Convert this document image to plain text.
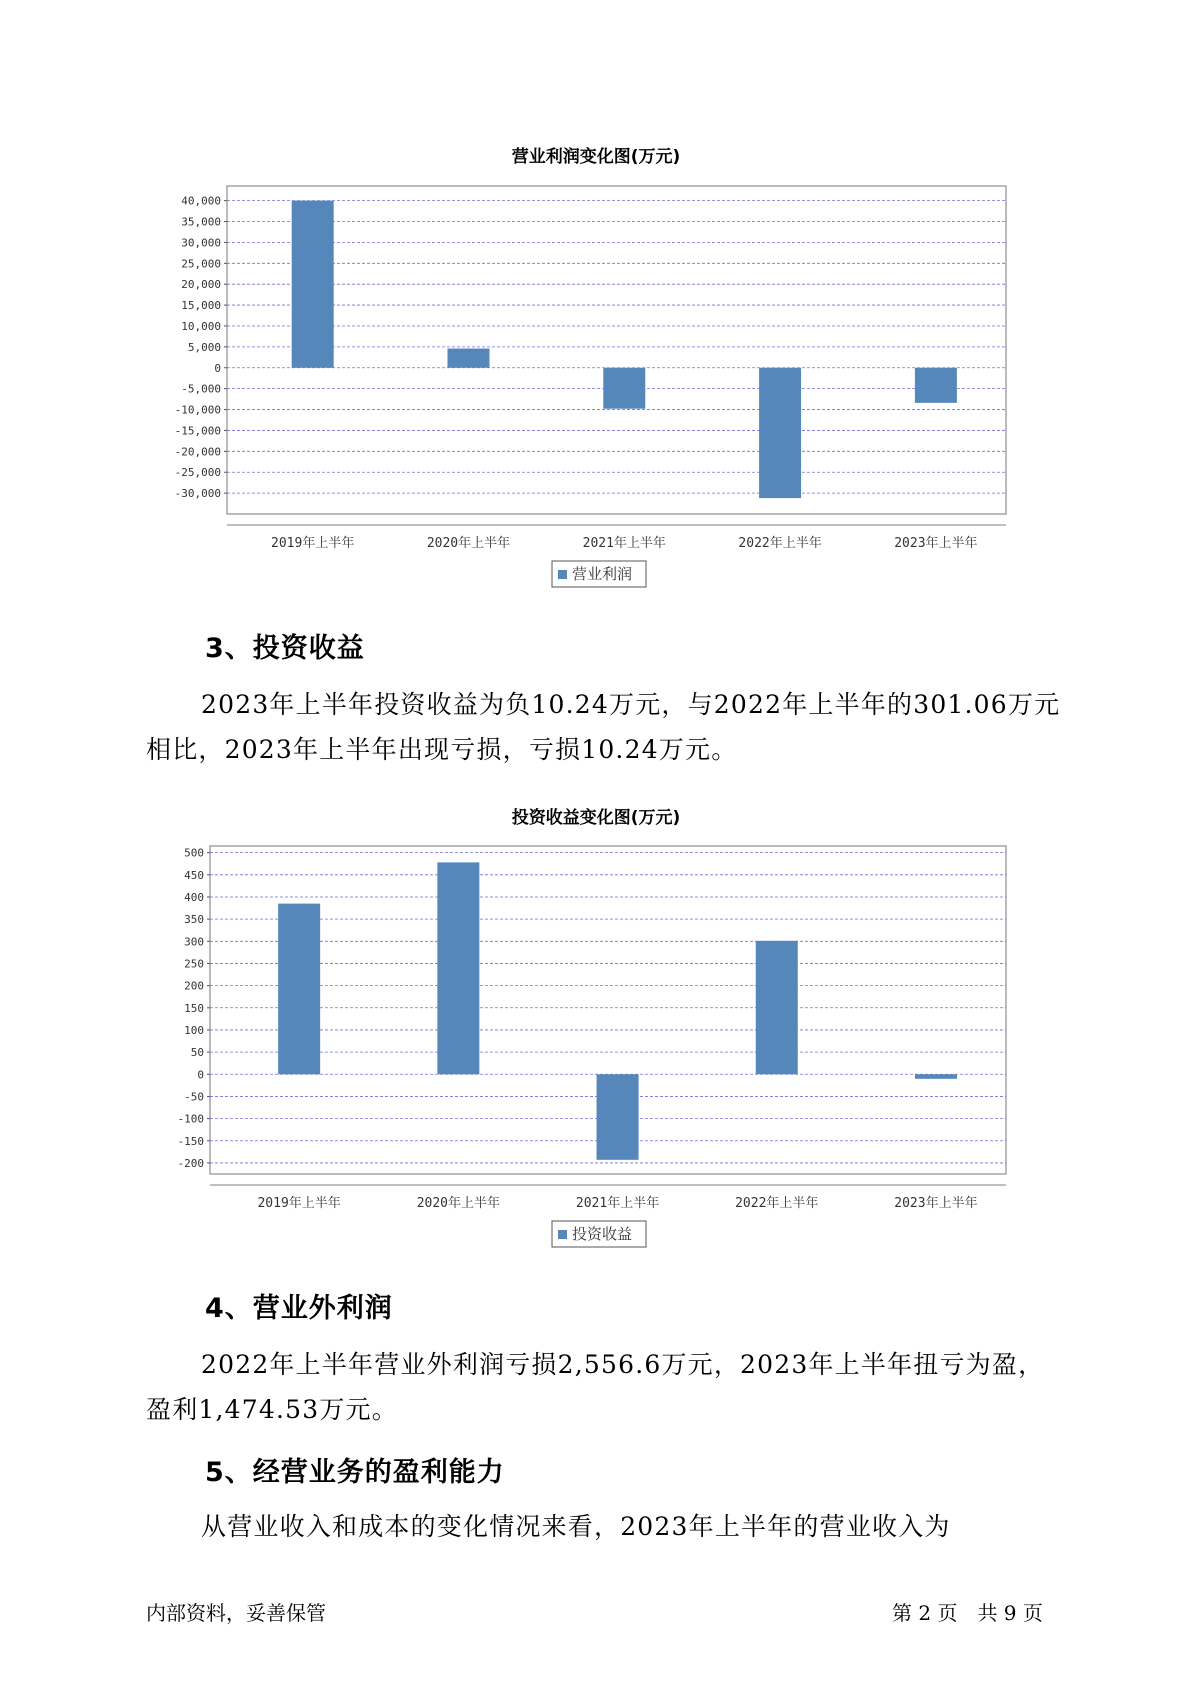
营业利润变化图(万元)
-30,000
-25,000
-20,000
-15,000
-10,000
-5,000
0
5,000
10,000
15,000
20,000
25,000
30,000
35,000
40,000
2019年上半年	2020年上半年	2021年上半年	2022年上半年	2023年上半年
营业利润
3、投资收益

2023年上半年投资收益为负10.24万元，与2022年上半年的301.06万元相比，2023年上半年出现亏损，亏损10.24万元。

投资收益变化图(万元)
-200
-150
-100
-50
0
50
100
150
200
250
300
350
400
450
500
2019年上半年	2020年上半年	2021年上半年	2022年上半年	2023年上半年
投资收益
4、营业外利润

2022年上半年营业外利润亏损2,556.6万元，2023年上半年扭亏为盈，盈利1,474.53万元。

5、经营业务的盈利能力

从营业收入和成本的变化情况来看，2023年上半年的营业收入为

内部资料，妥善保管	第 2 页　共 9 页
